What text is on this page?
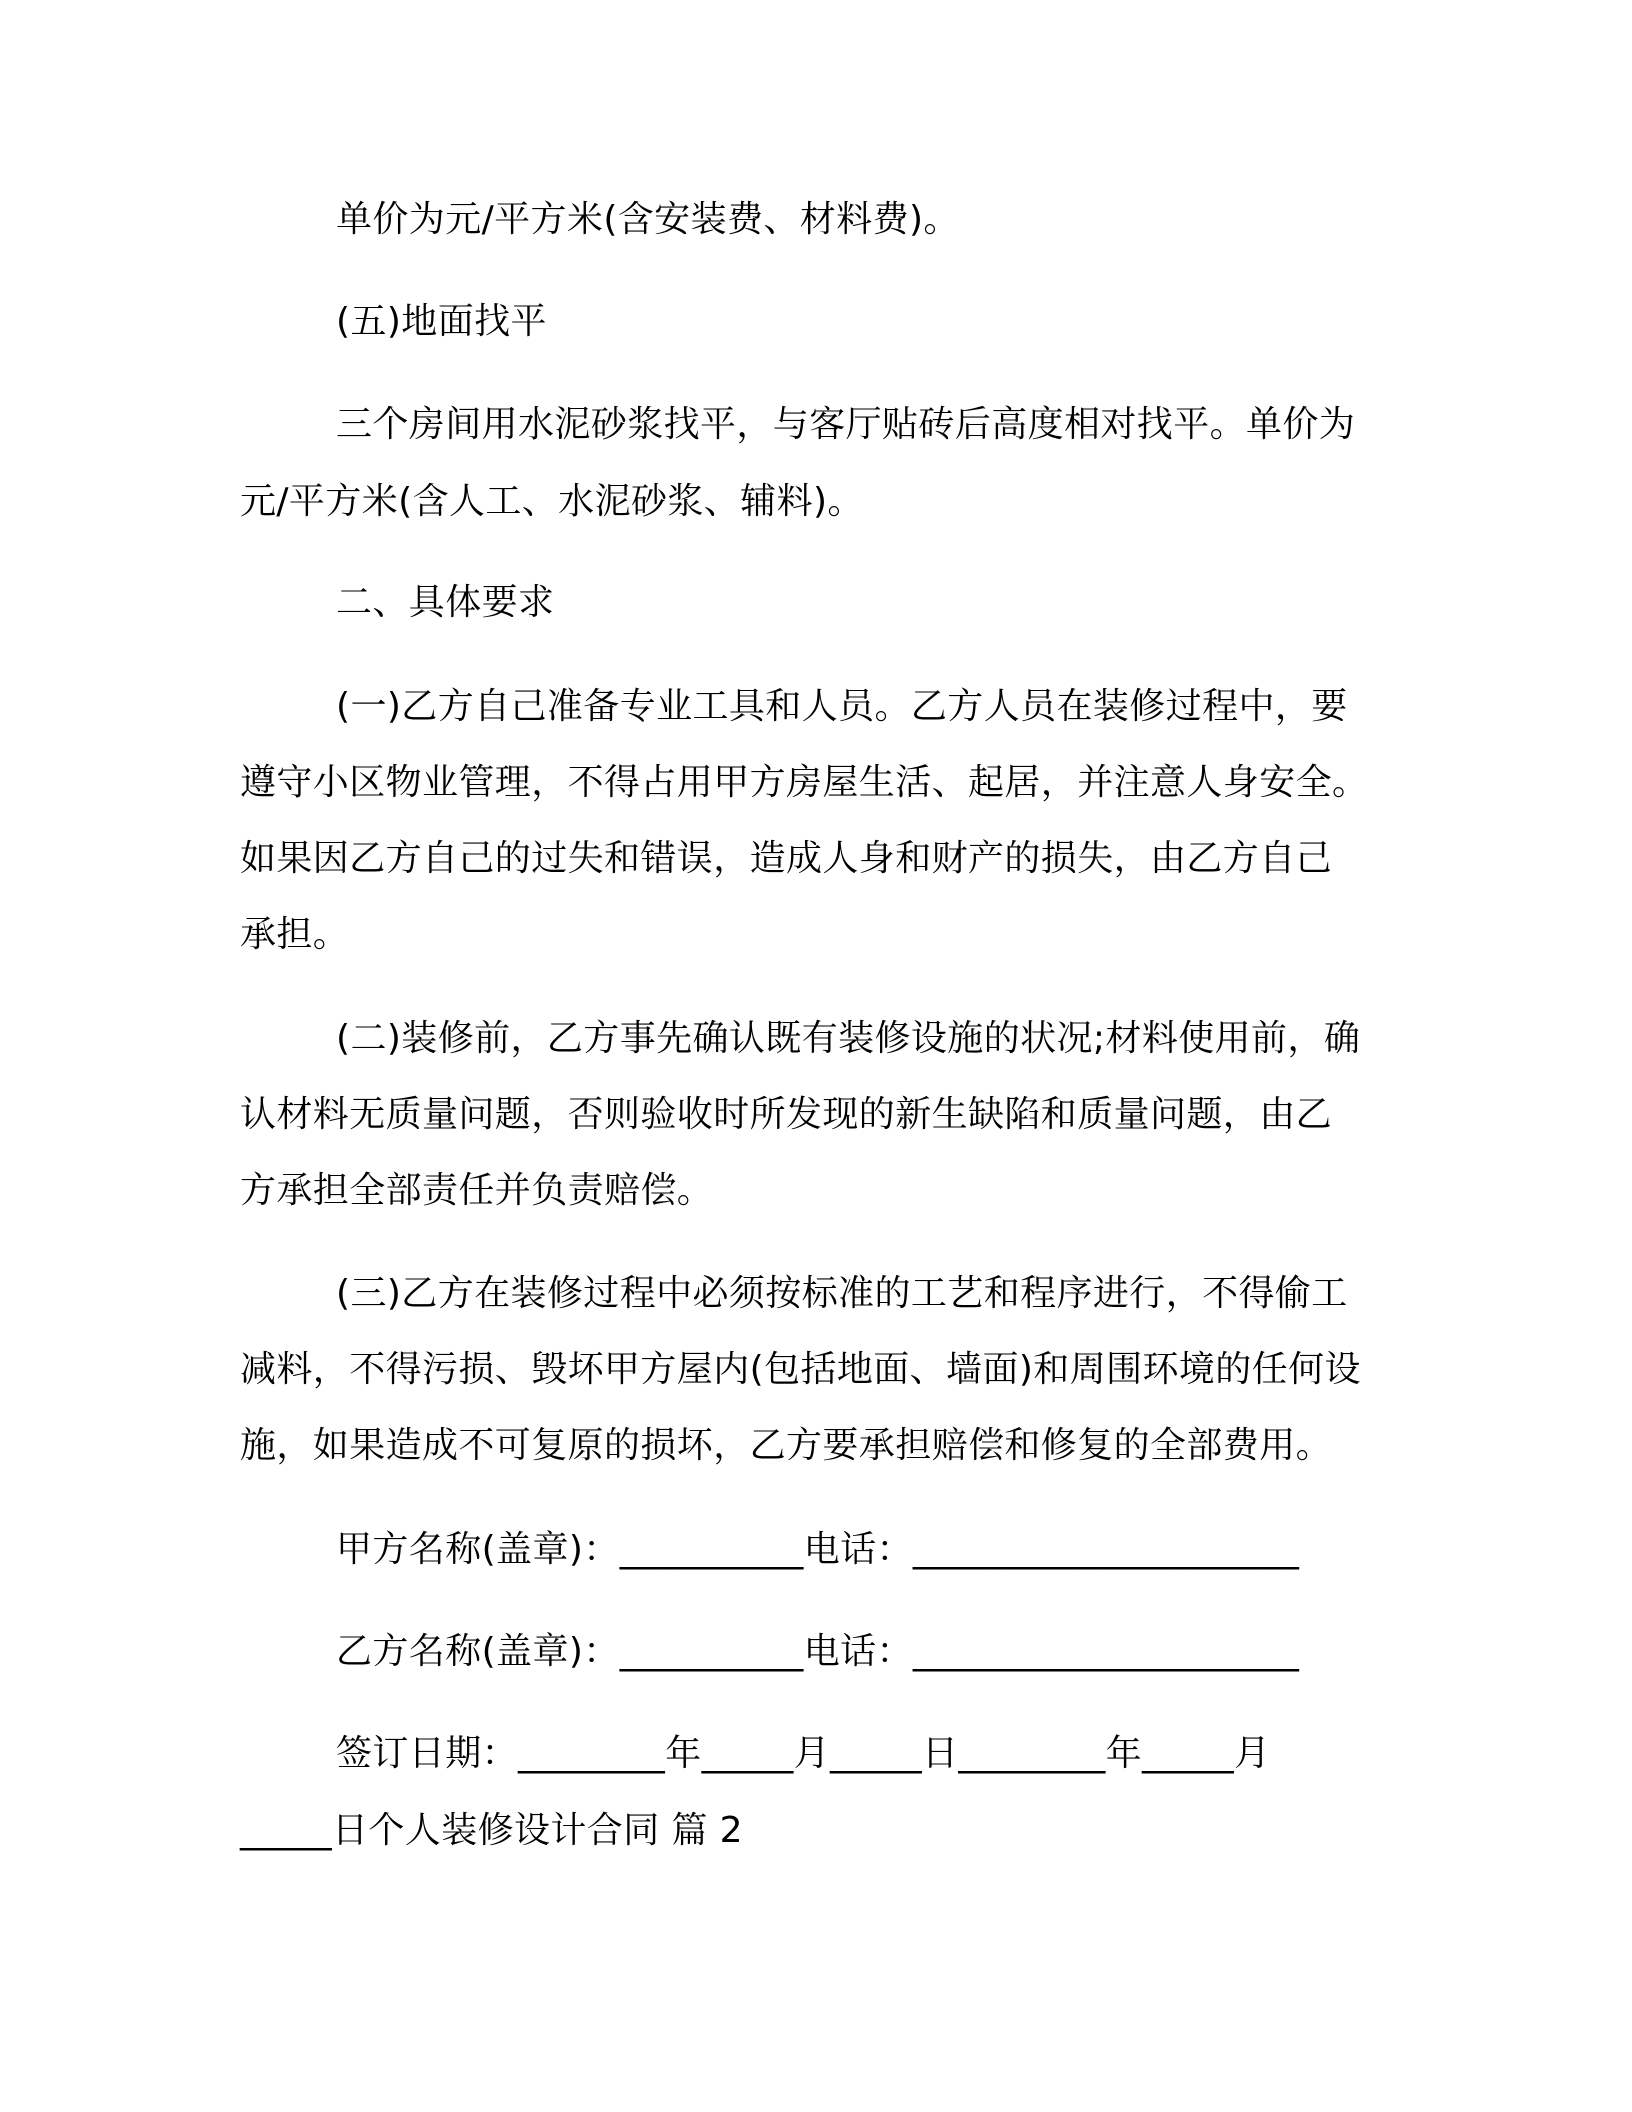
单价为元/平方米(含安装费、材料费)。
(五)地面找平
三个房间用水泥砂浆找平，与客厅贴砖后高度相对找平。单价为
元/平方米(含人工、水泥砂浆、辅料)。
二、具体要求
(一)乙方自己准备专业工具和人员。乙方人员在装修过程中，要
遵守小区物业管理，不得占用甲方房屋生活、起居，并注意人身安全。
如果因乙方自己的过失和错误，造成人身和财产的损失，由乙方自己
承担。
(二)装修前，乙方事先确认既有装修设施的状况;材料使用前，确
认材料无质量问题，否则验收时所发现的新生缺陷和质量问题，由乙
方承担全部责任并负责赔偿。
(三)乙方在装修过程中必须按标准的工艺和程序进行，不得偷工
减料，不得污损、毁坏甲方屋内(包括地面、墙面)和周围环境的任何设
施，如果造成不可复原的损坏，乙方要承担赔偿和修复的全部费用。
甲方名称(盖章)：__________电话：_____________________
乙方名称(盖章)：__________电话：_____________________
签订日期：________年_____月_____日________年_____月
_____日个人装修设计合同 篇 2
